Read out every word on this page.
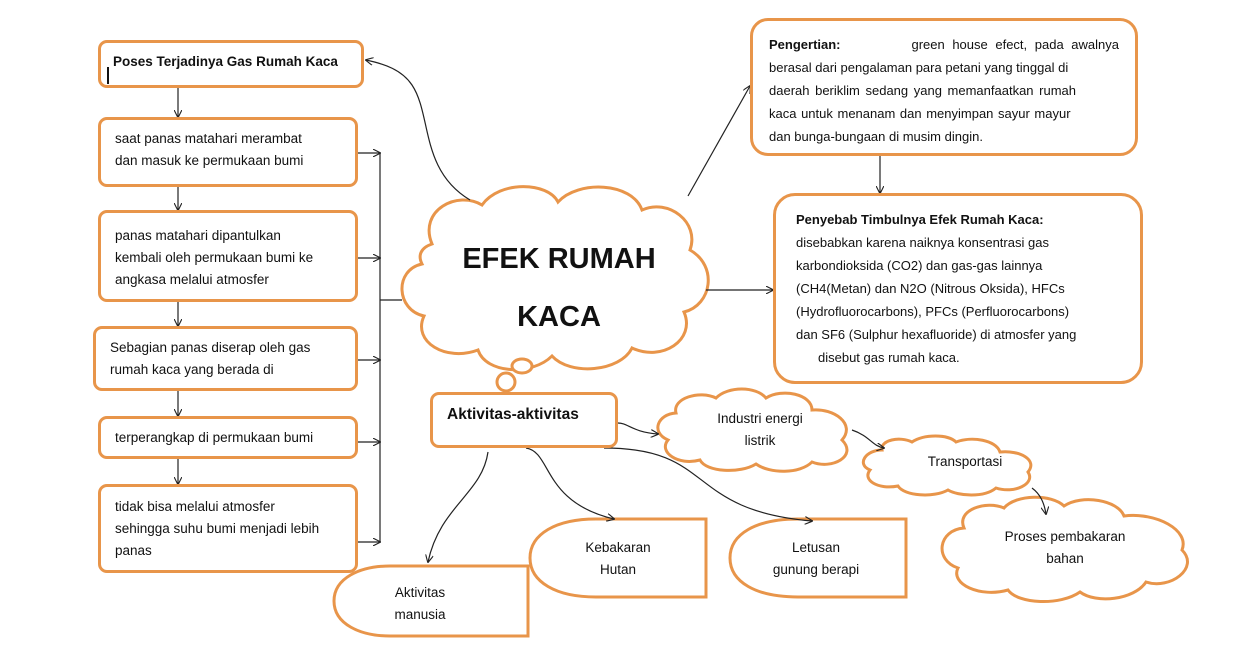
EFEK RUMAH
KACA
Poses Terjadinya Gas Rumah Kaca
saat panas matahari merambat
dan masuk ke permukaan bumi
panas matahari dipantulkan
kembali oleh permukaan bumi ke
angkasa melalui atmosfer
Sebagian panas diserap oleh gas
rumah kaca yang berada di
terperangkap di permukaan bumi
tidak bisa melalui atmosfer
sehingga suhu bumi menjadi lebih
panas
Pengertian:	green house efect, pada awalnya
berasal dari pengalaman para petani yang tinggal di
daerah beriklim sedang yang memanfaatkan rumah
kaca untuk menanam dan menyimpan sayur mayur
dan bunga-bungaan di musim dingin.
Penyebab Timbulnya Efek Rumah Kaca:
disebabkan karena naiknya konsentrasi gas
karbondioksida (CO2) dan gas-gas lainnya
(CH4(Metan) dan N2O (Nitrous Oksida), HFCs
(Hydrofluorocarbons), PFCs (Perfluorocarbons)
dan SF6 (Sulphur hexafluoride) di atmosfer yang
disebut gas rumah kaca.
Aktivitas-aktivitas
Aktivitas
manusia
Kebakaran
Hutan
Letusan
gunung berapi
Industri energi
listrik
Transportasi
Proses pembakaran
bahan
